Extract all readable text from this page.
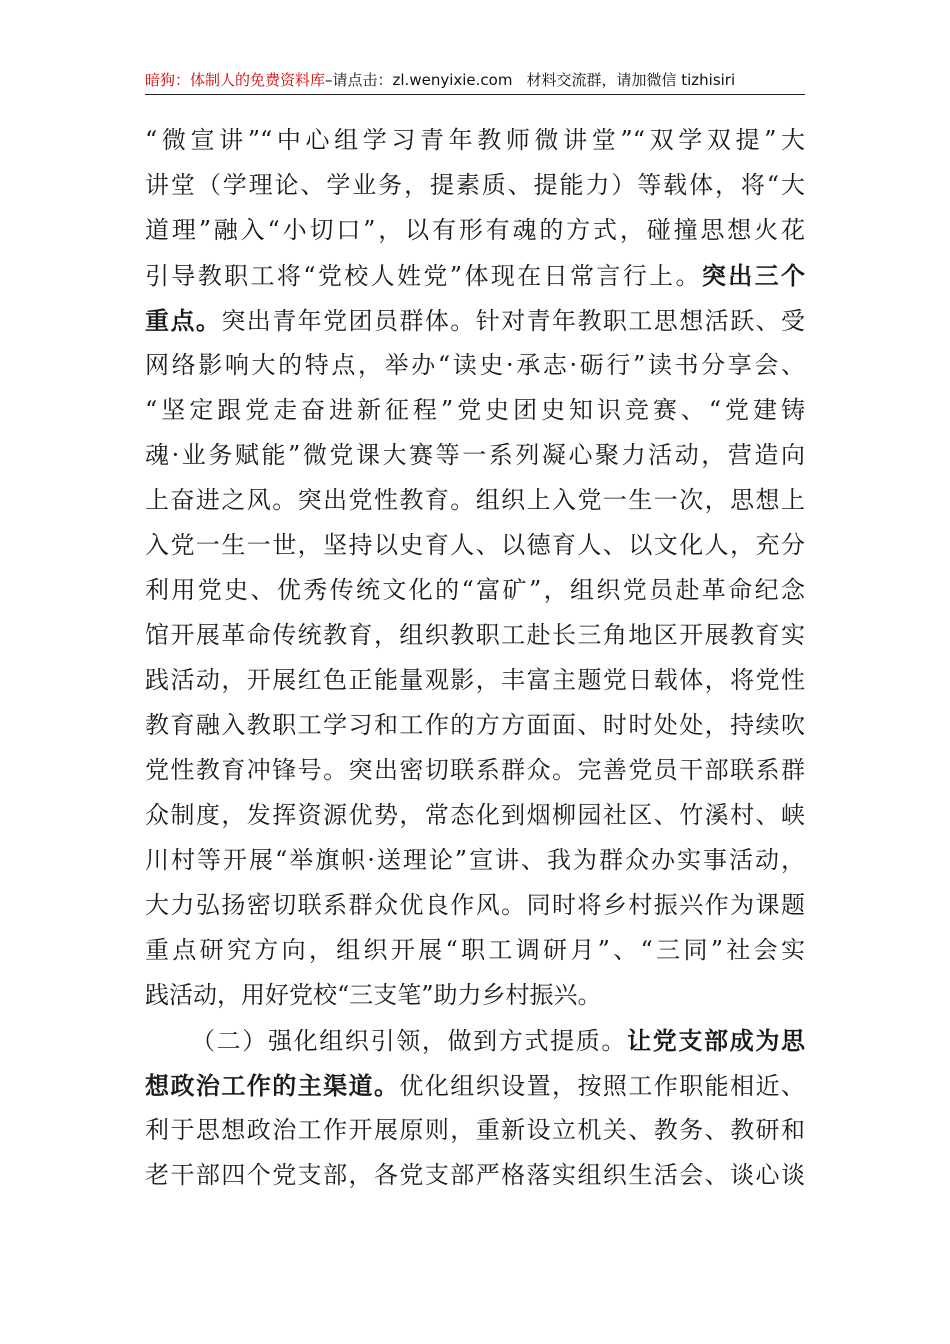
暗狗：体制人的免费资料库–请点击：zl.wenyixie.com 材料交流群，请加微信 tizhisiri
“微宣讲”“中心组学习青年教师微讲堂”“双学双提”大
讲堂（学理论、学业务，提素质、提能力）等载体，将“大
道理”融入“小切口”，以有形有魂的方式，碰撞思想火花
引导教职工将“党校人姓党”体现在日常言行上。突出三个
重点。突出青年党团员群体。针对青年教职工思想活跃、受
网络影响大的特点，举办“读史·承志·砺行”读书分享会、
“坚定跟党走奋进新征程”党史团史知识竞赛、“党建铸
魂·业务赋能”微党课大赛等一系列凝心聚力活动，营造向
上奋进之风。突出党性教育。组织上入党一生一次，思想上
入党一生一世，坚持以史育人、以德育人、以文化人，充分
利用党史、优秀传统文化的“富矿”，组织党员赴革命纪念
馆开展革命传统教育，组织教职工赴长三角地区开展教育实
践活动，开展红色正能量观影，丰富主题党日载体，将党性
教育融入教职工学习和工作的方方面面、时时处处，持续吹
党性教育冲锋号。突出密切联系群众。完善党员干部联系群
众制度，发挥资源优势，常态化到烟柳园社区、竹溪村、峡
川村等开展“举旗帜·送理论”宣讲、我为群众办实事活动，
大力弘扬密切联系群众优良作风。同时将乡村振兴作为课题
重点研究方向，组织开展“职工调研月”、“三同”社会实
践活动，用好党校“三支笔”助力乡村振兴。
（二）强化组织引领，做到方式提质。让党支部成为思
想政治工作的主渠道。优化组织设置，按照工作职能相近、
利于思想政治工作开展原则，重新设立机关、教务、教研和
老干部四个党支部，各党支部严格落实组织生活会、谈心谈
